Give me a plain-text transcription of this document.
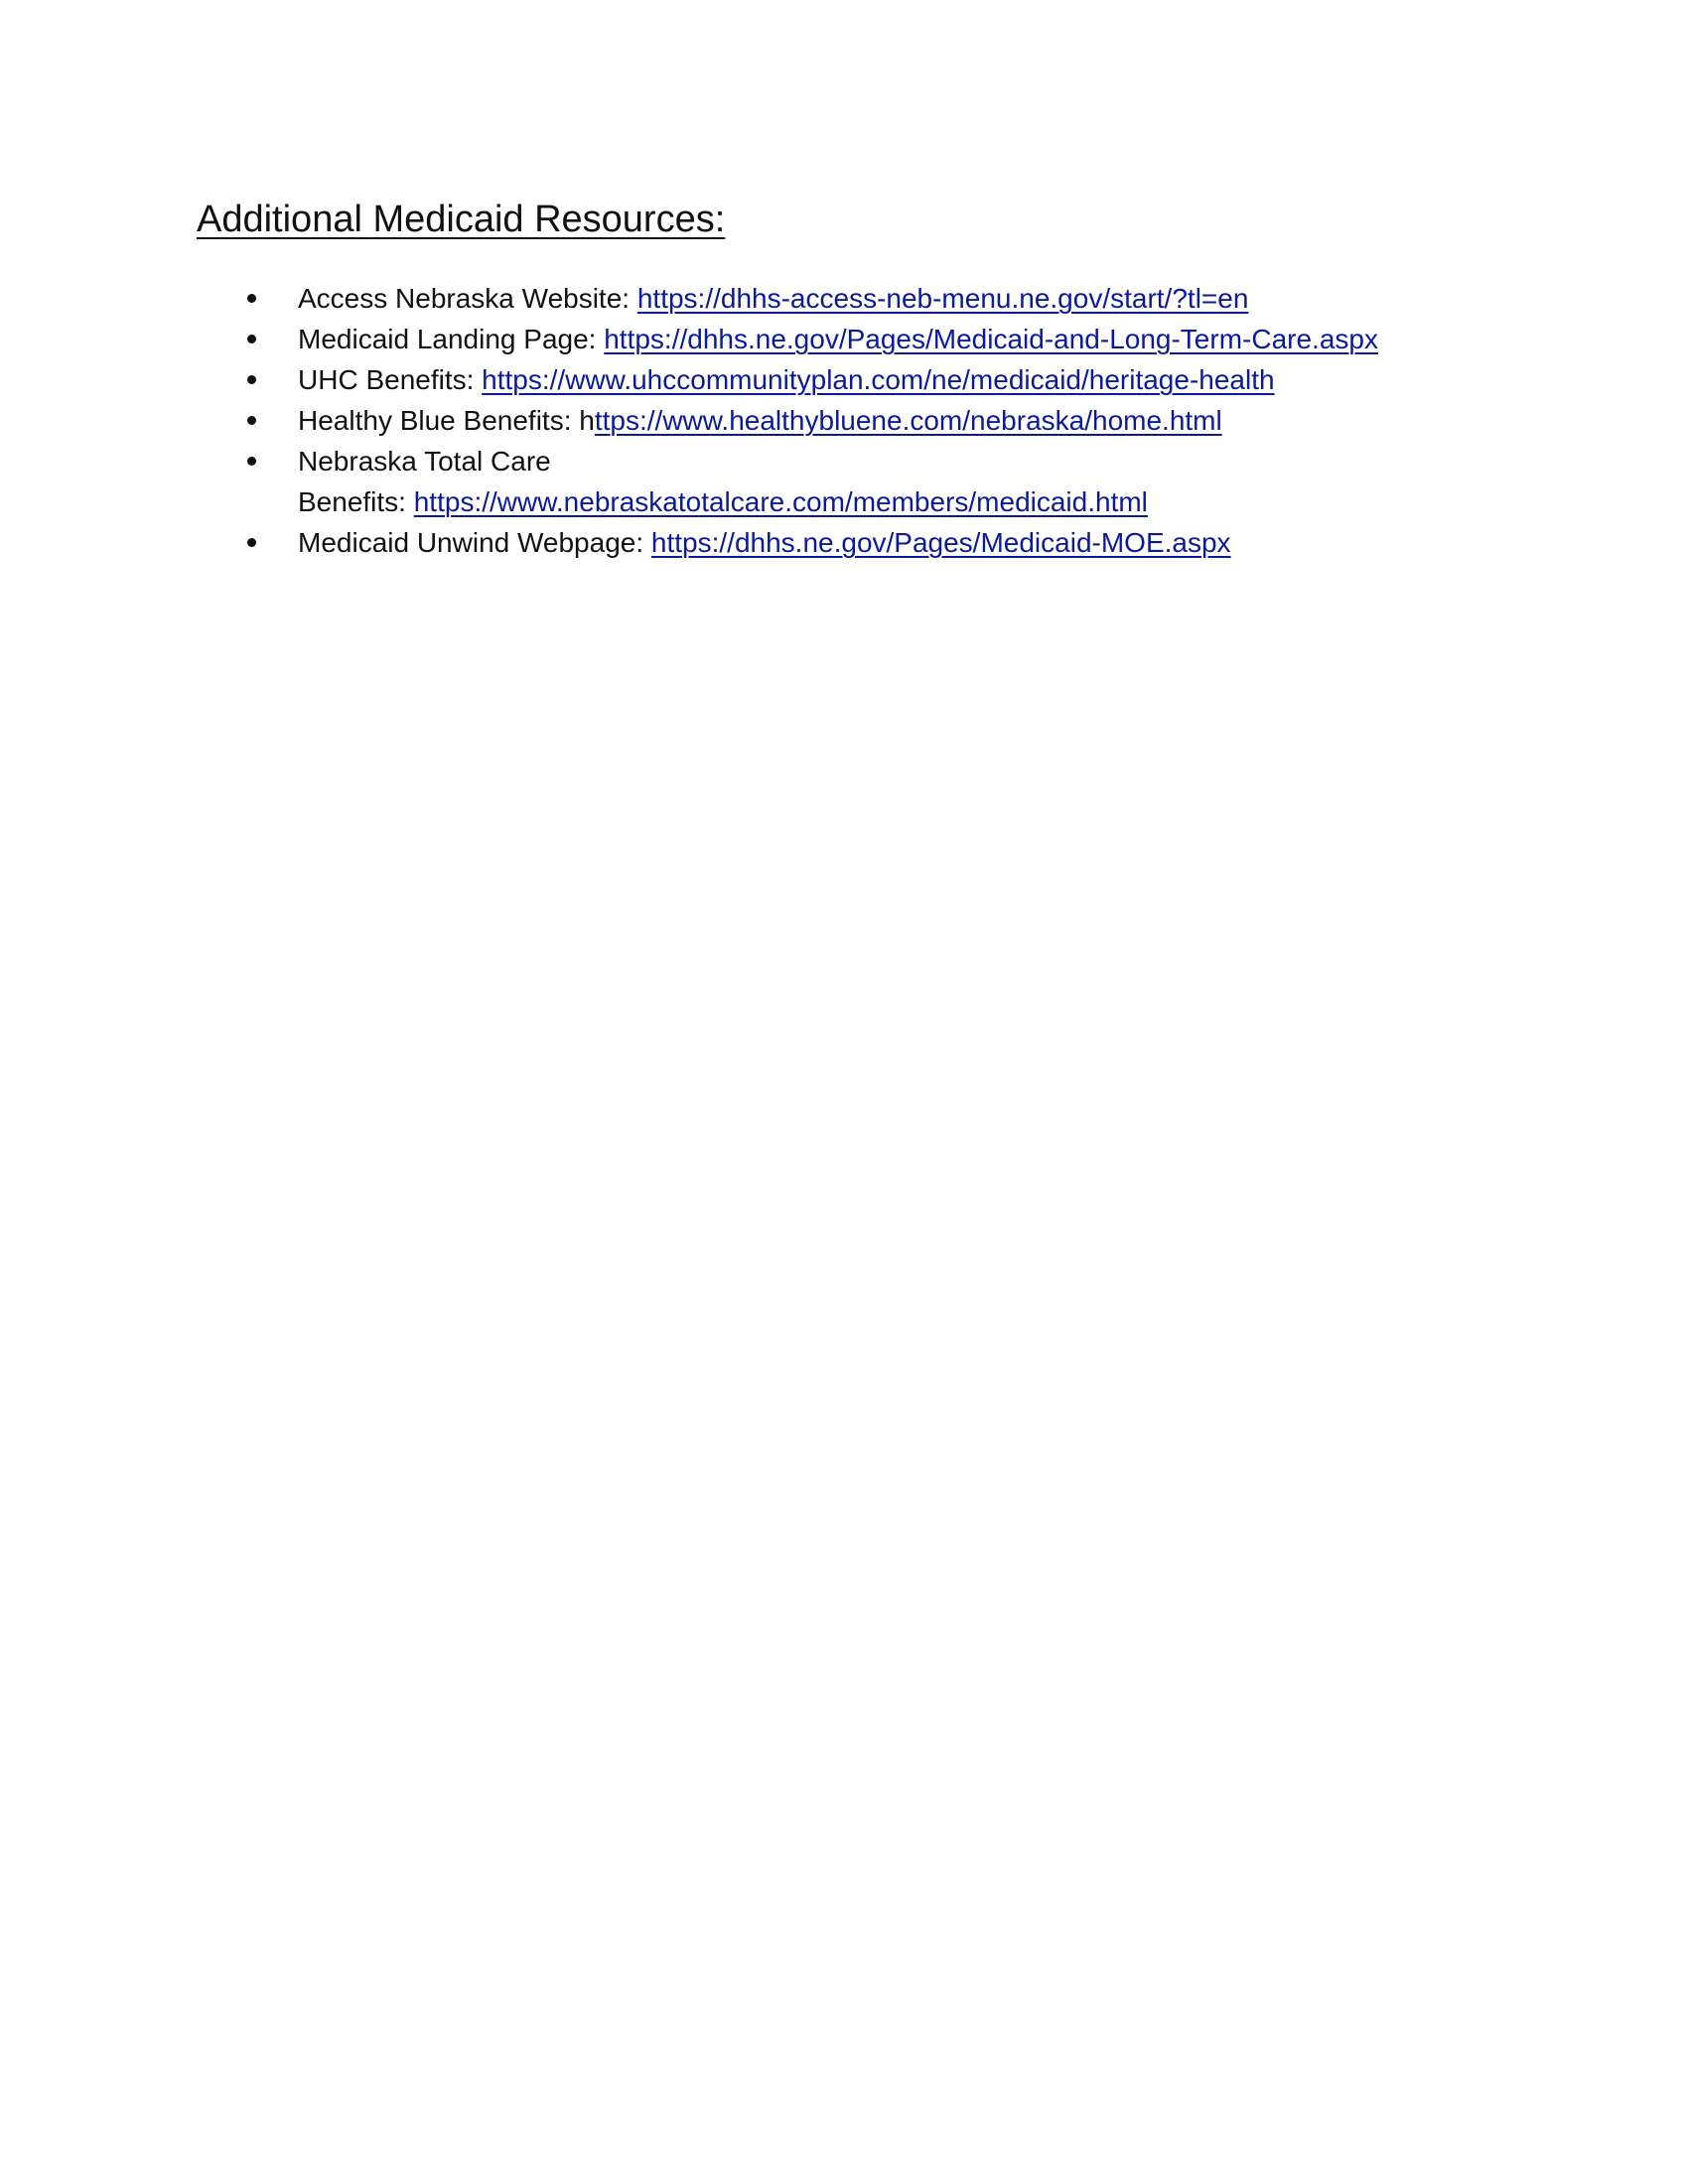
Additional Medicaid Resources:
Access Nebraska Website: https://dhhs-access-neb-menu.ne.gov/start/?tl=en
Medicaid Landing Page: https://dhhs.ne.gov/Pages/Medicaid-and-Long-Term-Care.aspx
UHC Benefits: https://www.uhccommunityplan.com/ne/medicaid/heritage-health
Healthy Blue Benefits: https://www.healthybluene.com/nebraska/home.html
Nebraska Total Care
Benefits: https://www.nebraskatotalcare.com/members/medicaid.html
Medicaid Unwind Webpage: https://dhhs.ne.gov/Pages/Medicaid-MOE.aspx
